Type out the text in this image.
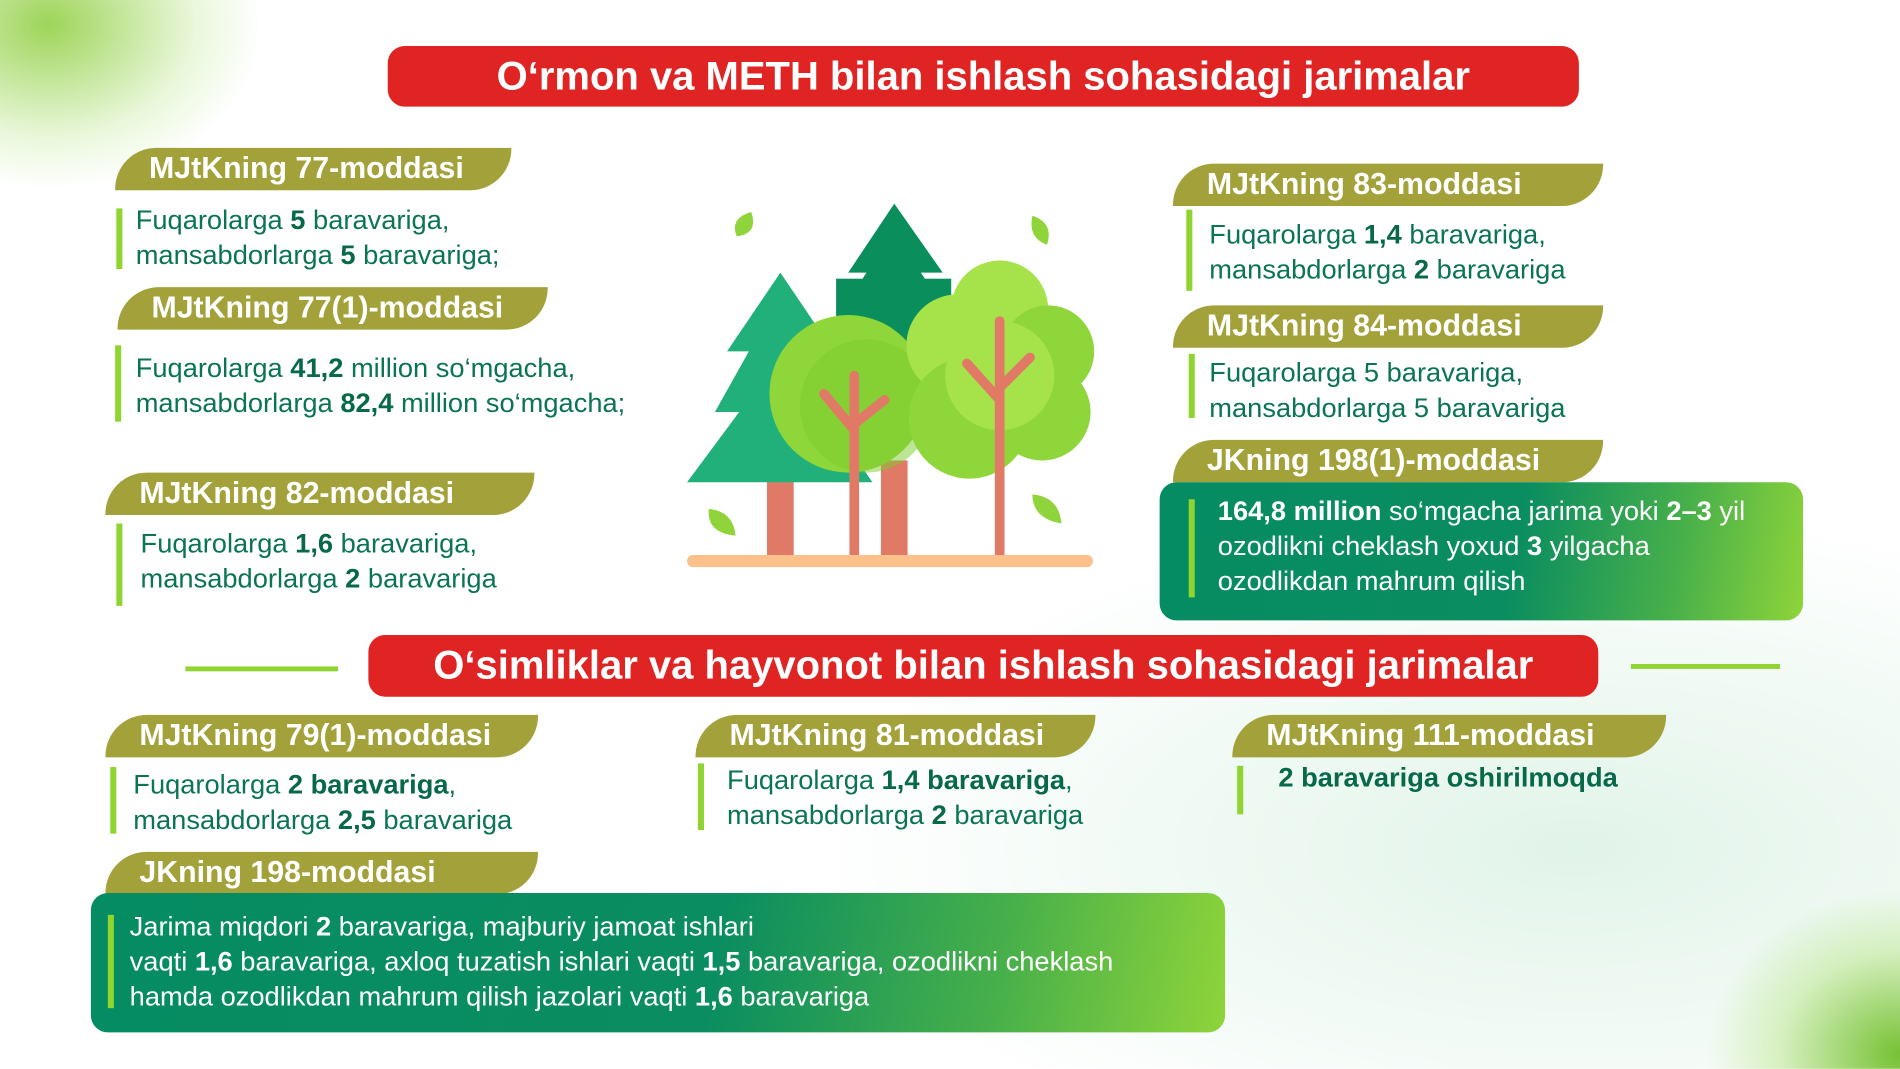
O‘rmon va METH bilan ishlash sohasidagi jarimalar
MJtKning 77-moddasi
Fuqarolarga 5 baravariga,
mansabdorlarga 5 baravariga;
MJtKning 77(1)-moddasi
Fuqarolarga 41,2 million so‘mgacha,
mansabdorlarga 82,4 million so‘mgacha;
MJtKning 82-moddasi
Fuqarolarga 1,6 baravariga,
mansabdorlarga 2 baravariga
MJtKning 83-moddasi
Fuqarolarga 1,4 baravariga,
mansabdorlarga 2 baravariga
MJtKning 84-moddasi
Fuqarolarga 5 baravariga,
mansabdorlarga 5 baravariga
JKning 198(1)-moddasi
164,8 million so‘mgacha jarima yoki 2–3 yil
ozodlikni cheklash yoxud 3 yilgacha
ozodlikdan mahrum qilish
O‘simliklar va hayvonot bilan ishlash sohasidagi jarimalar
MJtKning 79(1)-moddasi
Fuqarolarga 2 baravariga,
mansabdorlarga 2,5 baravariga
MJtKning 81-moddasi
Fuqarolarga 1,4 baravariga,
mansabdorlarga 2 baravariga
MJtKning 111-moddasi
2 baravariga oshirilmoqda
JKning 198-moddasi
Jarima miqdori 2 baravariga, majburiy jamoat ishlari
vaqti 1,6 baravariga, axloq tuzatish ishlari vaqti 1,5 baravariga, ozodlikni cheklash
hamda ozodlikdan mahrum qilish jazolari vaqti 1,6 baravariga
